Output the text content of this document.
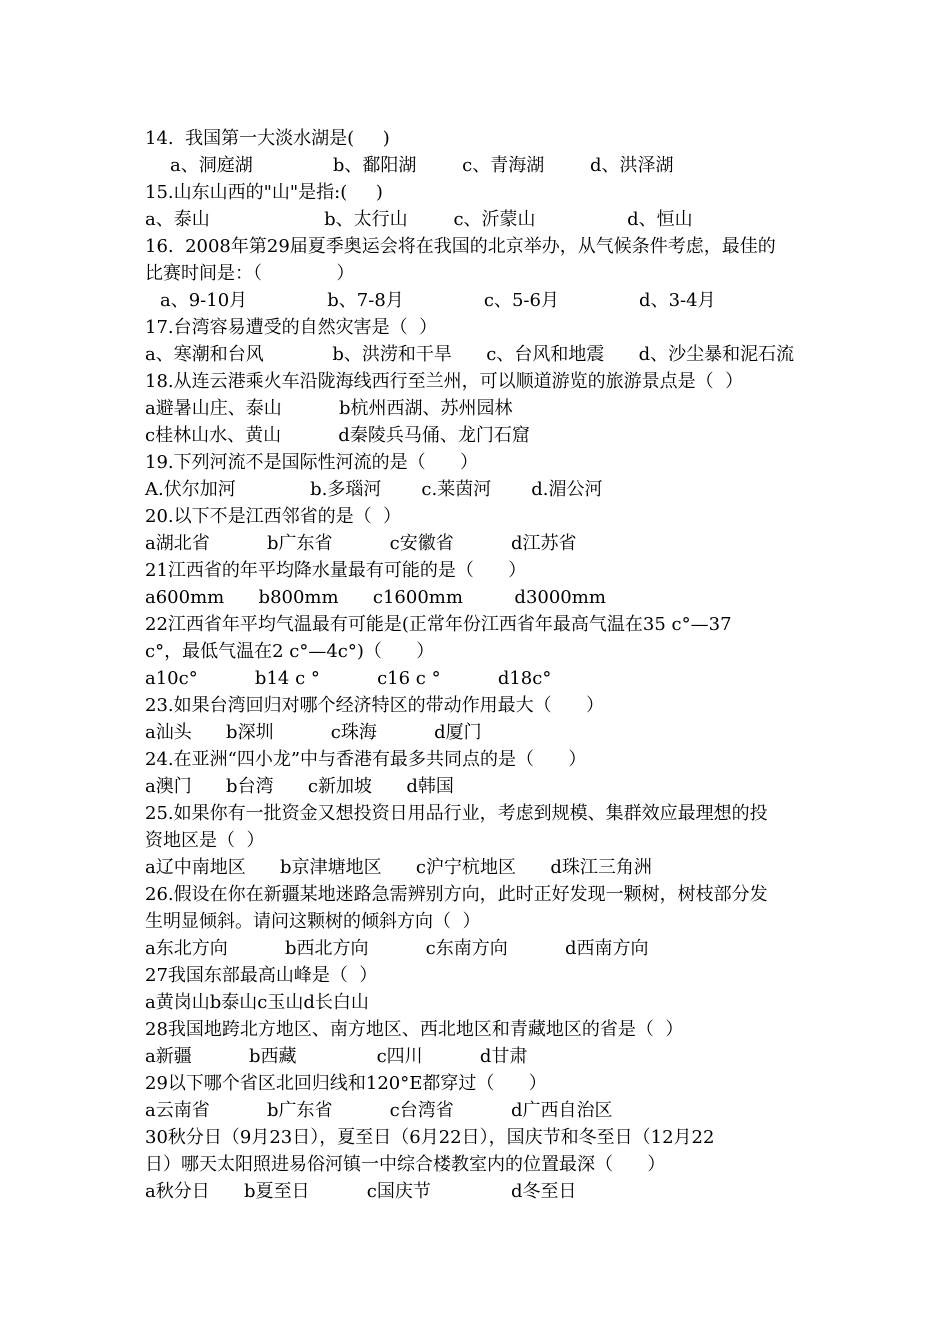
14.  我国第一大淡水湖是(     )
a、洞庭湖              b、鄱阳湖        c、青海湖        d、洪泽湖
15.山东山西的"山"是指:(     )
a、泰山                    b、太行山        c、沂蒙山                d、恒山
16.  2008年第29届夏季奥运会将在我国的北京举办，从气候条件考虑，最佳的
比赛时间是：（             ）
a、9-10月              b、7-8月              c、5-6月              d、3-4月
17.台湾容易遭受的自然灾害是（  ）
a、寒潮和台风            b、洪涝和干旱      c、台风和地震      d、沙尘暴和泥石流
18.从连云港乘火车沿陇海线西行至兰州，可以顺道游览的旅游景点是（  ）
a避暑山庄、泰山          b杭州西湖、苏州园林
c桂林山水、黄山          d秦陵兵马俑、龙门石窟
19.下列河流不是国际性河流的是（      ）
A.伏尔加河             b.多瑙河       c.莱茵河       d.湄公河
20.以下不是江西邻省的是（  ）
a湖北省          b广东省          c安徽省          d江苏省
21江西省的年平均降水量最有可能的是（      ）
a600mm      b800mm      c1600mm         d3000mm
22江西省年平均气温最有可能是(正常年份江西省年最高气温在35 c°—37
c°，最低气温在2 c°—4c°)（      ）
a10c°          b14 c °          c16 c °          d18c°
23.如果台湾回归对哪个经济特区的带动作用最大（      ）
a汕头      b深圳          c珠海          d厦门
24.在亚洲“四小龙”中与香港有最多共同点的是（      ）
a澳门      b台湾      c新加坡      d韩国
25.如果你有一批资金又想投资日用品行业，考虑到规模、集群效应最理想的投
资地区是（  ）
a辽中南地区      b京津塘地区      c沪宁杭地区      d珠江三角洲
26.假设在你在新疆某地迷路急需辨别方向，此时正好发现一颗树，树枝部分发
生明显倾斜。请问这颗树的倾斜方向（  ）
a东北方向          b西北方向          c东南方向          d西南方向
27我国东部最高山峰是（  ）
a黄岗山b泰山c玉山d长白山
28我国地跨北方地区、南方地区、西北地区和青藏地区的省是（  ）
a新疆          b西藏              c四川          d甘肃
29以下哪个省区北回归线和120°E都穿过（      ）
a云南省          b广东省          c台湾省          d广西自治区
30秋分日（9月23日），夏至日（6月22日），国庆节和冬至日（12月22
日）哪天太阳照进易俗河镇一中综合楼教室内的位置最深（      ）
a秋分日      b夏至日          c国庆节              d冬至日
